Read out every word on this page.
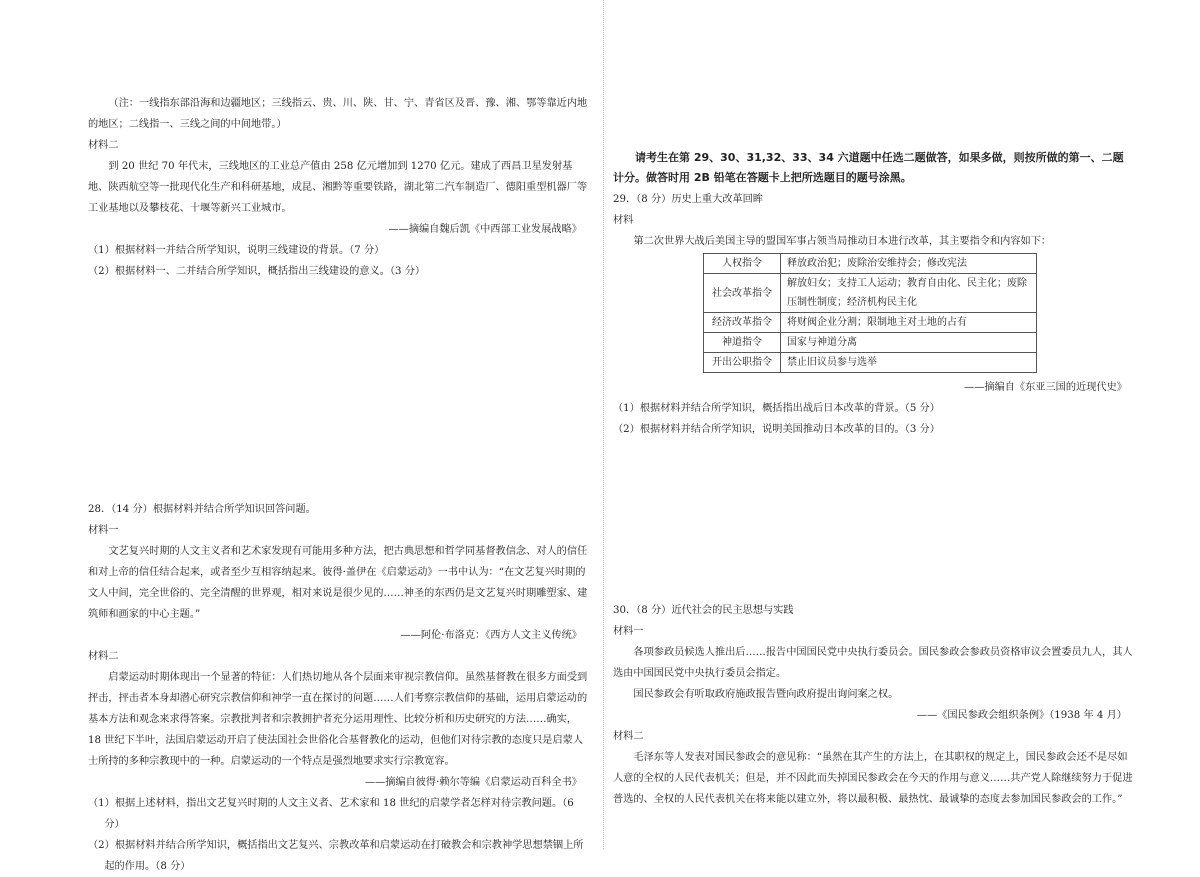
（注：一线指东部沿海和边疆地区；三线指云、贵、川、陕、甘、宁、青省区及晋、豫、湘、鄂等靠近内地的地区；二线指一、三线之间的中间地带。）

材料二

到 20 世纪 70 年代末，三线地区的工业总产值由 258 亿元增加到 1270 亿元。建成了西昌卫星发射基地、陕西航空等一批现代化生产和科研基地，成昆、湘黔等重要铁路，湖北第二汽车制造厂、德阳重型机器厂等工业基地以及攀枝花、十堰等新兴工业城市。

——摘编自魏后凯《中西部工业发展战略》

（1）根据材料一并结合所学知识，说明三线建设的背景。（7 分）

（2）根据材料一、二并结合所学知识，概括指出三线建设的意义。（3 分）

28．（14 分）根据材料并结合所学知识回答问题。

材料一

文艺复兴时期的人文主义者和艺术家发现有可能用多种方法，把古典思想和哲学同基督教信念、对人的信任和对上帝的信任结合起来，或者至少互相容纳起来。彼得·盖伊在《启蒙运动》一书中认为：“在文艺复兴时期的文人中间，完全世俗的、完全清醒的世界观，相对来说是很少见的……神圣的东西仍是文艺复兴时期雕塑家、建筑师和画家的中心主题。”

——阿伦·布洛克：《西方人文主义传统》

材料二

启蒙运动时期体现出一个显著的特征：人们热切地从各个层面来审视宗教信仰。虽然基督教在很多方面受到抨击，抨击者本身却潜心研究宗教信仰和神学一直在探讨的问题……人们考察宗教信仰的基础，运用启蒙运动的基本方法和观念来求得答案。宗教批判者和宗教拥护者充分运用理性、比较分析和历史研究的方法……确实，18 世纪下半叶，法国启蒙运动开启了使法国社会世俗化合基督教化的运动，但他们对待宗教的态度只是启蒙人士所持的多种宗教现中的一种。启蒙运动的一个特点是强烈地要求实行宗教宽容。

——摘编自彼得·赖尔等编《启蒙运动百科全书》

（1）根据上述材料，指出文艺复兴时期的人文主义者、艺术家和 18 世纪的启蒙学者怎样对待宗教问题。（6 分）

（2）根据材料并结合所学知识，概括指出文艺复兴、宗教改革和启蒙运动在打破教会和宗教神学思想禁锢上所起的作用。（8 分）

请考生在第 29、30、31,32、33、34 六道题中任选二题做答，如果多做，则按所做的第一、二题计分。做答时用 2B 铅笔在答题卡上把所选题目的题号涂黑。

29．（8 分）历史上重大改革回眸

材料

第二次世界大战后美国主导的盟国军事占领当局推动日本进行改革，其主要指令和内容如下：

人权指令	释放政治犯；废除治安维持会；修改宪法
社会改革指令	解放妇女；支持工人运动；教育自由化、民主化；废除压制性制度；经济机构民主化
经济改革指令	将财阀企业分割；限制地主对土地的占有
神道指令	国家与神道分离
开出公职指令	禁止旧议员参与选举

——摘编自《东亚三国的近现代史》

（1）根据材料并结合所学知识，概括指出战后日本改革的背景。（5 分）

（2）根据材料并结合所学知识，说明美国推动日本改革的目的。（3 分）

30．（8 分）近代社会的民主思想与实践

材料一

各项参政员候选人推出后……报告中国国民党中央执行委员会。国民参政会参政员资格审议会置委员九人，其人选由中国国民党中央执行委员会指定。

国民参政会有听取政府施政报告暨向政府提出询问案之权。

——《国民参政会组织条例》（1938 年 4 月）

材料二

毛泽东等人发表对国民参政会的意见称：“虽然在其产生的方法上，在其职权的规定上，国民参政会还不是尽如人意的全权的人民代表机关；但是，并不因此而失掉国民参政会在今天的作用与意义……共产党人除继续努力于促进普选的、全权的人民代表机关在将来能以建立外，将以最积极、最热忱、最诚挚的态度去参加国民参政会的工作。”
